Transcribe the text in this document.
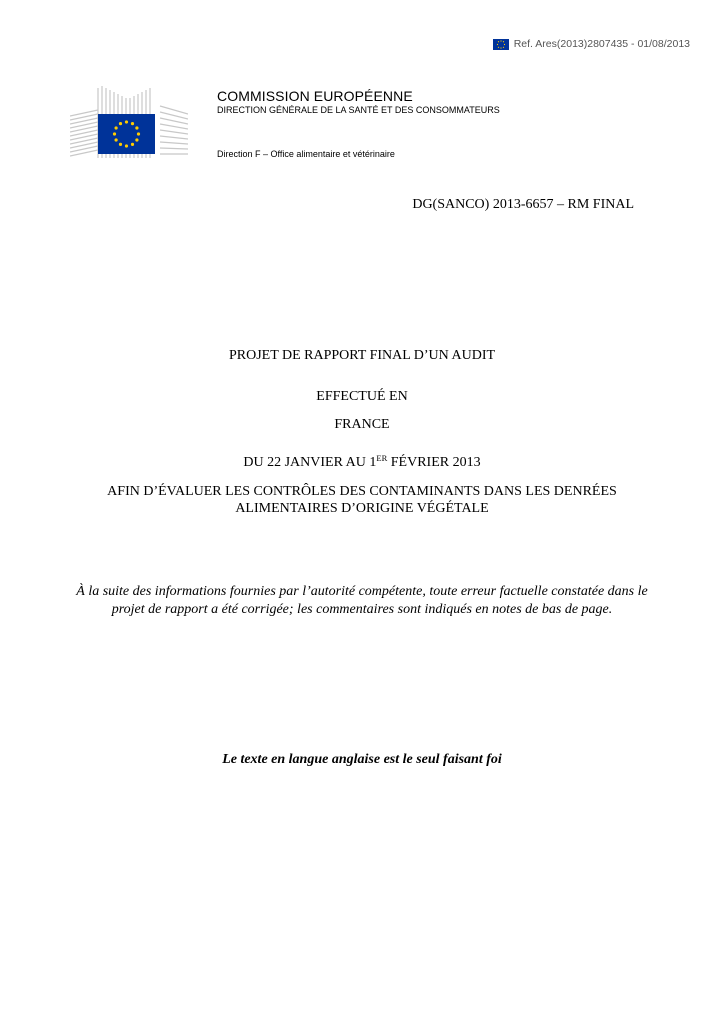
Ref. Ares(2013)2807435 - 01/08/2013
COMMISSION EUROPÉENNE
DIRECTION GÉNÉRALE DE LA SANTÉ ET DES CONSOMMATEURS
Direction F – Office alimentaire et vétérinaire
DG(SANCO) 2013-6657 – RM FINAL
PROJET DE RAPPORT FINAL D’UN AUDIT
EFFECTUÉ EN
FRANCE
DU 22 JANVIER AU 1ER FÉVRIER 2013
AFIN D’ÉVALUER LES CONTRÔLES DES CONTAMINANTS DANS LES DENRÉES ALIMENTAIRES D’ORIGINE VÉGÉTALE
À la suite des informations fournies par l’autorité compétente, toute erreur factuelle constatée dans le projet de rapport a été corrigée; les commentaires sont indiqués en notes de bas de page.
Le texte en langue anglaise est le seul faisant foi
